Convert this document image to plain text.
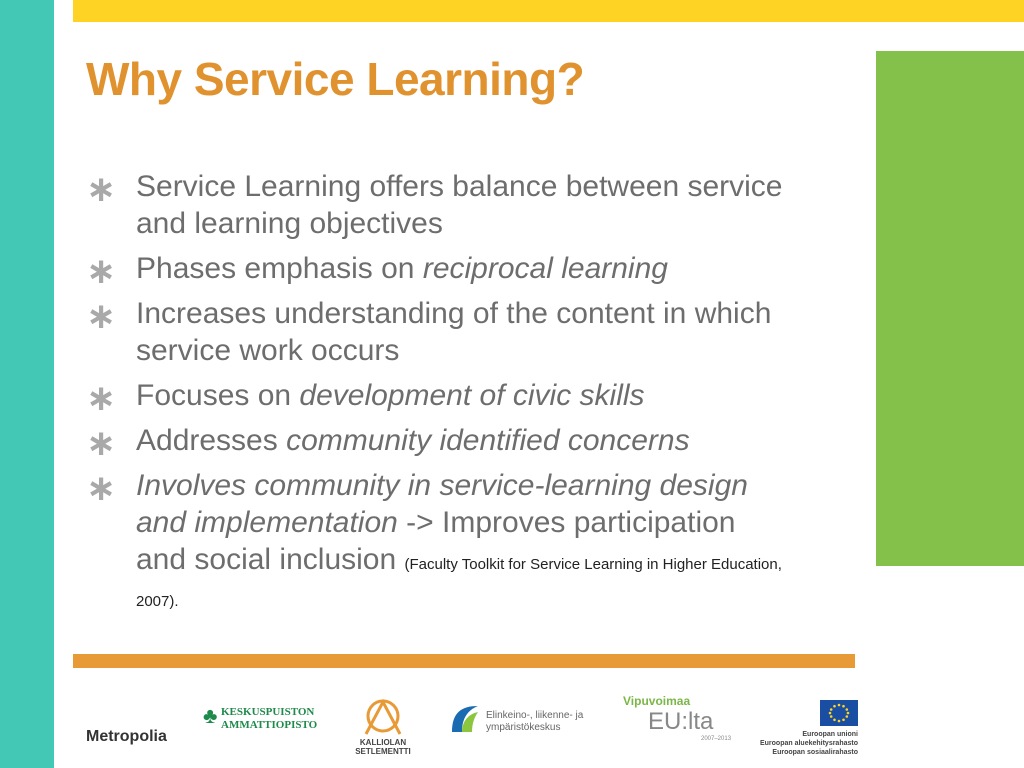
Why Service Learning?
∗ Service Learning offers balance between service and learning objectives
∗ Phases emphasis on reciprocal learning
∗ Increases understanding of the content in which service work occurs
∗ Focuses on development of civic skills
∗ Addresses community identified concerns
∗ Involves community in service-learning design and implementation -> Improves participation and social inclusion (Faculty Toolkit for Service Learning in Higher Education, 2007).
Metropolia
♣ KESKUSPUISTON AMMATTIOPISTO
KALLIOLAN SETLEMENTTI
Elinkeino-, liikenne- ja ympäristökeskus
Vipuvoimaa
EU:lta
2007–2013
Euroopan unioni
Euroopan aluekehitysrahasto
Euroopan sosiaalirahasto
